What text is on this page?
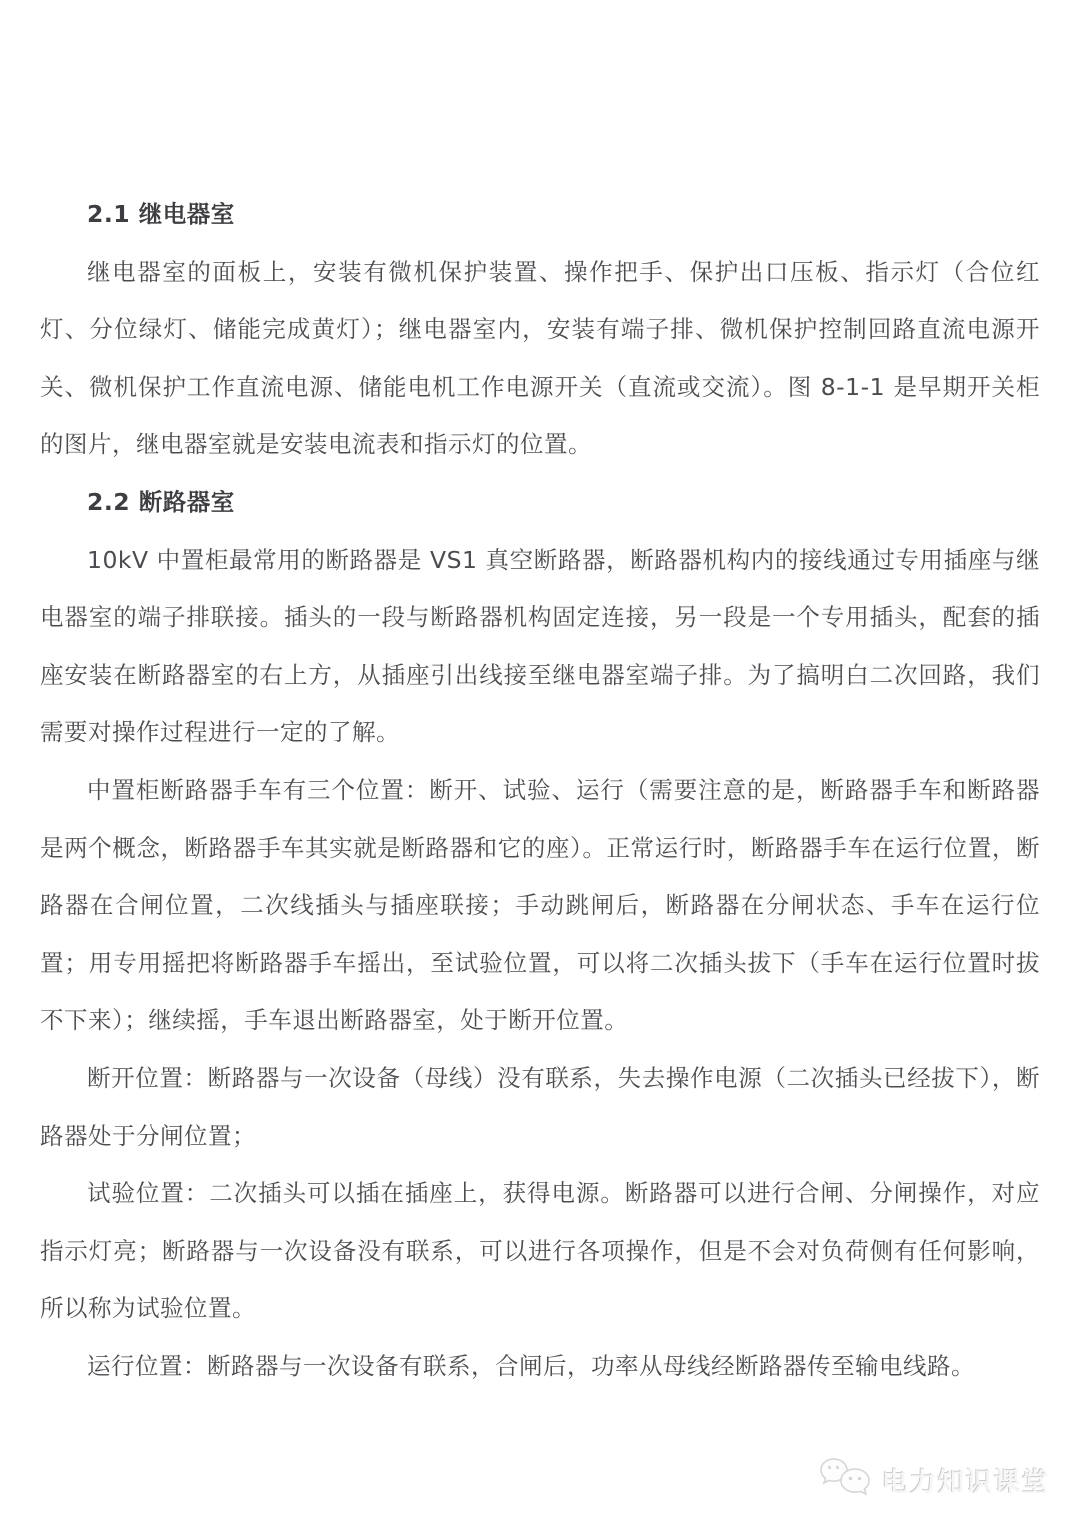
2.1 继电器室

继电器室的面板上，安装有微机保护装置、操作把手、保护出口压板、指示灯（合位红灯、分位绿灯、储能完成黄灯）；继电器室内，安装有端子排、微机保护控制回路直流电源开关、微机保护工作直流电源、储能电机工作电源开关（直流或交流）。图 8-1-1 是早期开关柜的图片，继电器室就是安装电流表和指示灯的位置。

2.2 断路器室

10kV 中置柜最常用的断路器是 VS1 真空断路器，断路器机构内的接线通过专用插座与继电器室的端子排联接。插头的一段与断路器机构固定连接，另一段是一个专用插头，配套的插座安装在断路器室的右上方，从插座引出线接至继电器室端子排。为了搞明白二次回路，我们需要对操作过程进行一定的了解。

中置柜断路器手车有三个位置：断开、试验、运行（需要注意的是，断路器手车和断路器是两个概念，断路器手车其实就是断路器和它的座）。正常运行时，断路器手车在运行位置，断路器在合闸位置，二次线插头与插座联接；手动跳闸后，断路器在分闸状态、手车在运行位置；用专用摇把将断路器手车摇出，至试验位置，可以将二次插头拔下（手车在运行位置时拔不下来）；继续摇，手车退出断路器室，处于断开位置。

断开位置：断路器与一次设备（母线）没有联系，失去操作电源（二次插头已经拔下），断路器处于分闸位置；

试验位置：二次插头可以插在插座上，获得电源。断路器可以进行合闸、分闸操作，对应指示灯亮；断路器与一次设备没有联系，可以进行各项操作，但是不会对负荷侧有任何影响，所以称为试验位置。

运行位置：断路器与一次设备有联系，合闸后，功率从母线经断路器传至输电线路。

电力知识课堂
